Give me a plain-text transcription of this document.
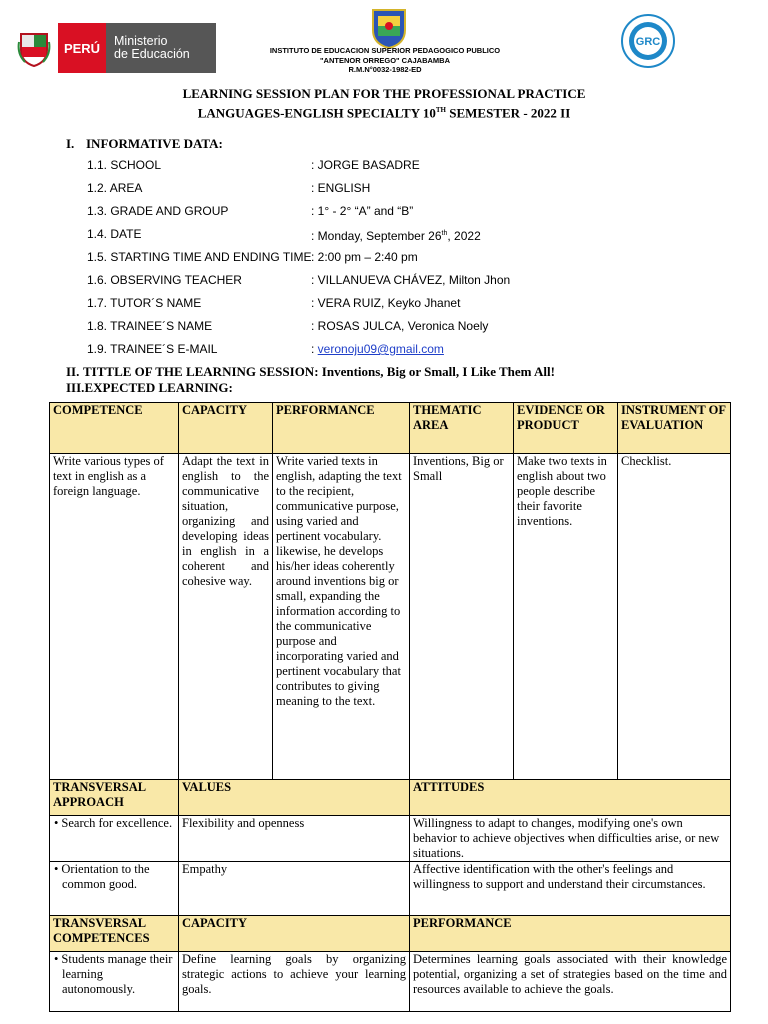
PERÚ	Ministerio
de Educación	INSTITUTO DE EDUCACION SUPERIOR PEDAGOGICO PUBLICO
"ANTENOR ORREGO" CAJABAMBA
R.M.N°0032-1982-ED
GRC
LEARNING SESSION PLAN FOR THE PROFESSIONAL PRACTICE
LANGUAGES-ENGLISH SPECIALTY 10TH SEMESTER - 2022 II
I. INFORMATIVE DATA:
1.1. SCHOOL	: JORGE BASADRE
1.2. AREA	: ENGLISH
1.3. GRADE AND GROUP	: 1° - 2° “A” and “B”
1.4. DATE	: Monday, September 26th, 2022
1.5. STARTING TIME AND ENDING TIME : 2:00 pm – 2:40 pm
1.6. OBSERVING TEACHER	: VILLANUEVA CHÁVEZ, Milton Jhon
1.7. TUTOR´S NAME	: VERA RUIZ, Keyko Jhanet
1.8. TRAINEE´S NAME	: ROSAS JULCA, Veronica Noely
1.9. TRAINEE´S E-MAIL	: veronoju09@gmail.com
II. TITTLE OF THE LEARNING SESSION: Inventions, Big or Small, I Like Them All!
III.EXPECTED LEARNING:
COMPETENCE	CAPACITY	PERFORMANCE	THEMATIC AREA	EVIDENCE OR PRODUCT	INSTRUMENT OF EVALUATION
Write various types of text in english as a foreign language.	Adapt the text in english to the communicative situation, organizing and developing ideas in english in a coherent and cohesive way.	Write varied texts in english, adapting the text to the recipient, communicative purpose, using varied and pertinent vocabulary. likewise, he develops his/her ideas coherently around inventions big or small, expanding the information according to the communicative purpose and incorporating varied and pertinent vocabulary that contributes to giving meaning to the text.	Inventions, Big or Small	Make two texts in english about two people describe their favorite inventions.	Checklist.
TRANSVERSAL APPROACH	VALUES		ATTITUDES		
• Search for excellence.	Flexibility and openness		Willingness to adapt to changes, modifying one's own behavior to achieve objectives when difficulties arise, or new situations.		
• Orientation to the common good.	Empathy		Affective identification with the other's feelings and willingness to support and understand their circumstances.		
TRANSVERSAL COMPETENCES	CAPACITY		PERFORMANCE		
• Students manage their learning autonomously.	Define learning goals by organizing strategic actions to achieve your learning goals.		Determines learning goals associated with their knowledge potential, organizing a set of strategies based on the time and resources available to achieve the goals.		
